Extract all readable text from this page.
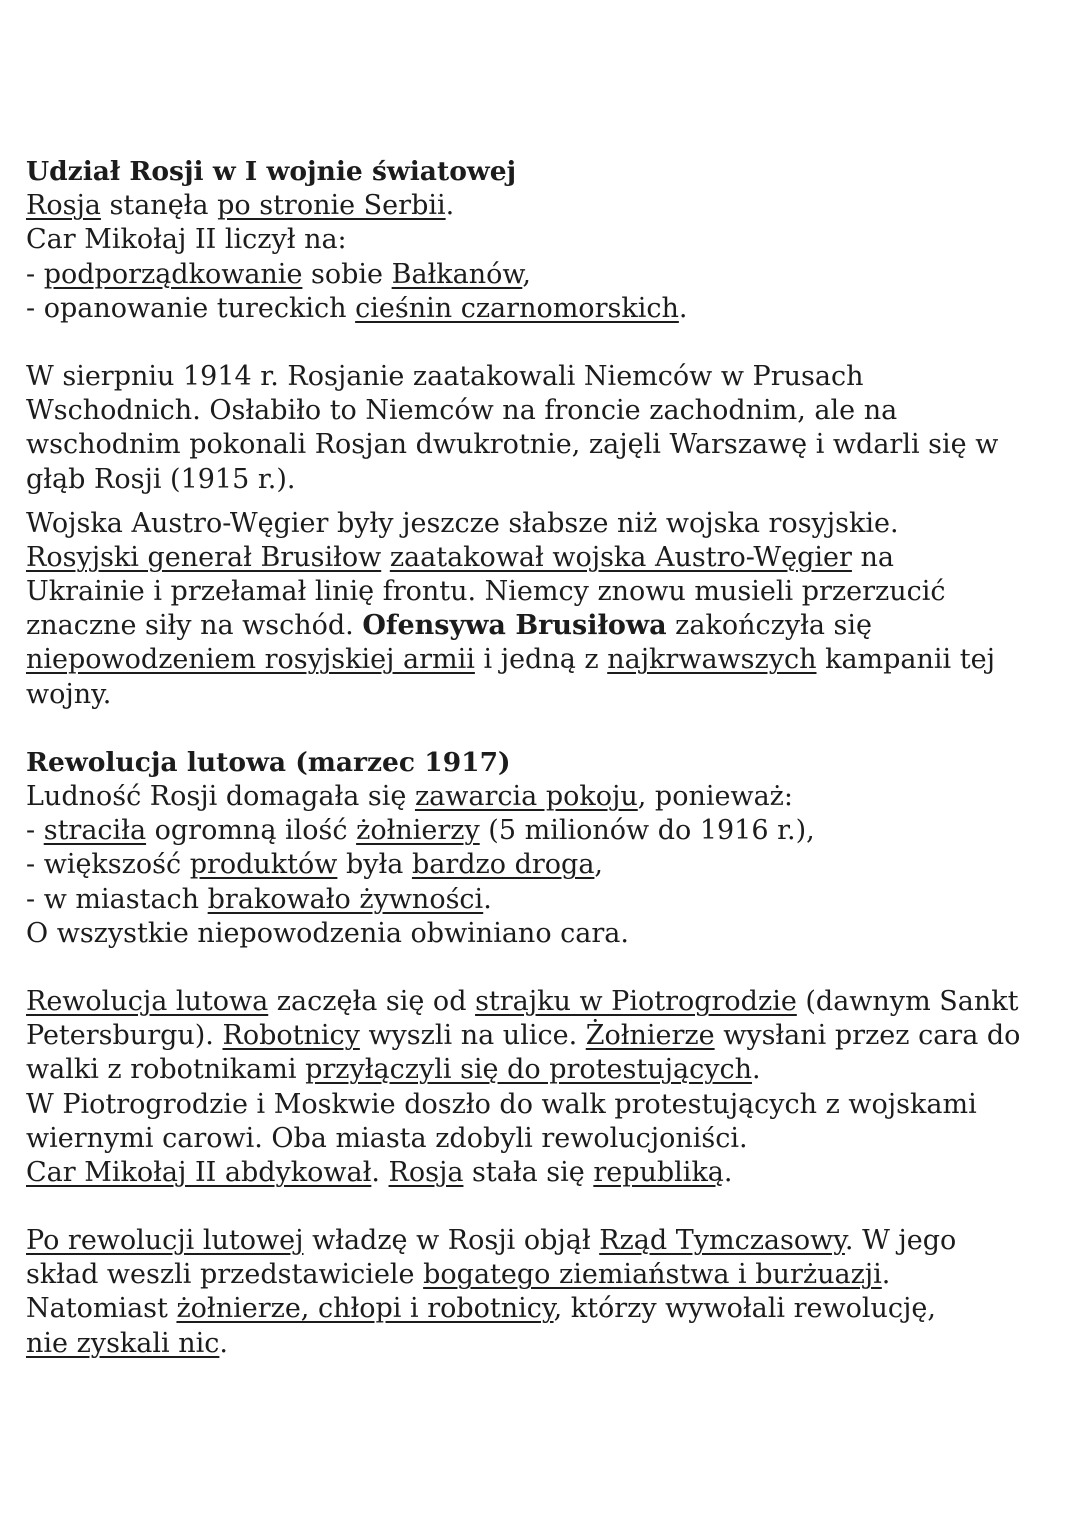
Udział Rosji w I wojnie światowej
Rosja stanęła po stronie Serbii.
Car Mikołaj II liczył na:
- podporządkowanie sobie Bałkanów,
- opanowanie tureckich cieśnin czarnomorskich.
W sierpniu 1914 r. Rosjanie zaatakowali Niemców w Prusach
Wschodnich. Osłabiło to Niemców na froncie zachodnim, ale na
wschodnim pokonali Rosjan dwukrotnie, zajęli Warszawę i wdarli się w
głąb Rosji (1915 r.).
Wojska Austro-Węgier były jeszcze słabsze niż wojska rosyjskie.
Rosyjski generał Brusiłow zaatakował wojska Austro-Węgier na
Ukrainie i przełamał linię frontu. Niemcy znowu musieli przerzucić
znaczne siły na wschód. Ofensywa Brusiłowa zakończyła się
niepowodzeniem rosyjskiej armii i jedną z najkrwawszych kampanii tej
wojny.
Rewolucja lutowa (marzec 1917)
Ludność Rosji domagała się zawarcia pokoju, ponieważ:
- straciła ogromną ilość żołnierzy (5 milionów do 1916 r.),
- większość produktów była bardzo droga,
- w miastach brakowało żywności.
O wszystkie niepowodzenia obwiniano cara.
Rewolucja lutowa zaczęła się od strajku w Piotrogrodzie (dawnym Sankt
Petersburgu). Robotnicy wyszli na ulice. Żołnierze wysłani przez cara do
walki z robotnikami przyłączyli się do protestujących.
W Piotrogrodzie i Moskwie doszło do walk protestujących z wojskami
wiernymi carowi. Oba miasta zdobyli rewolucjoniści.
Car Mikołaj II abdykował. Rosja stała się republiką.
Po rewolucji lutowej władzę w Rosji objął Rząd Tymczasowy. W jego
skład weszli przedstawiciele bogatego ziemiaństwa i burżuazji.
Natomiast żołnierze, chłopi i robotnicy, którzy wywołali rewolucję,
nie zyskali nic.
